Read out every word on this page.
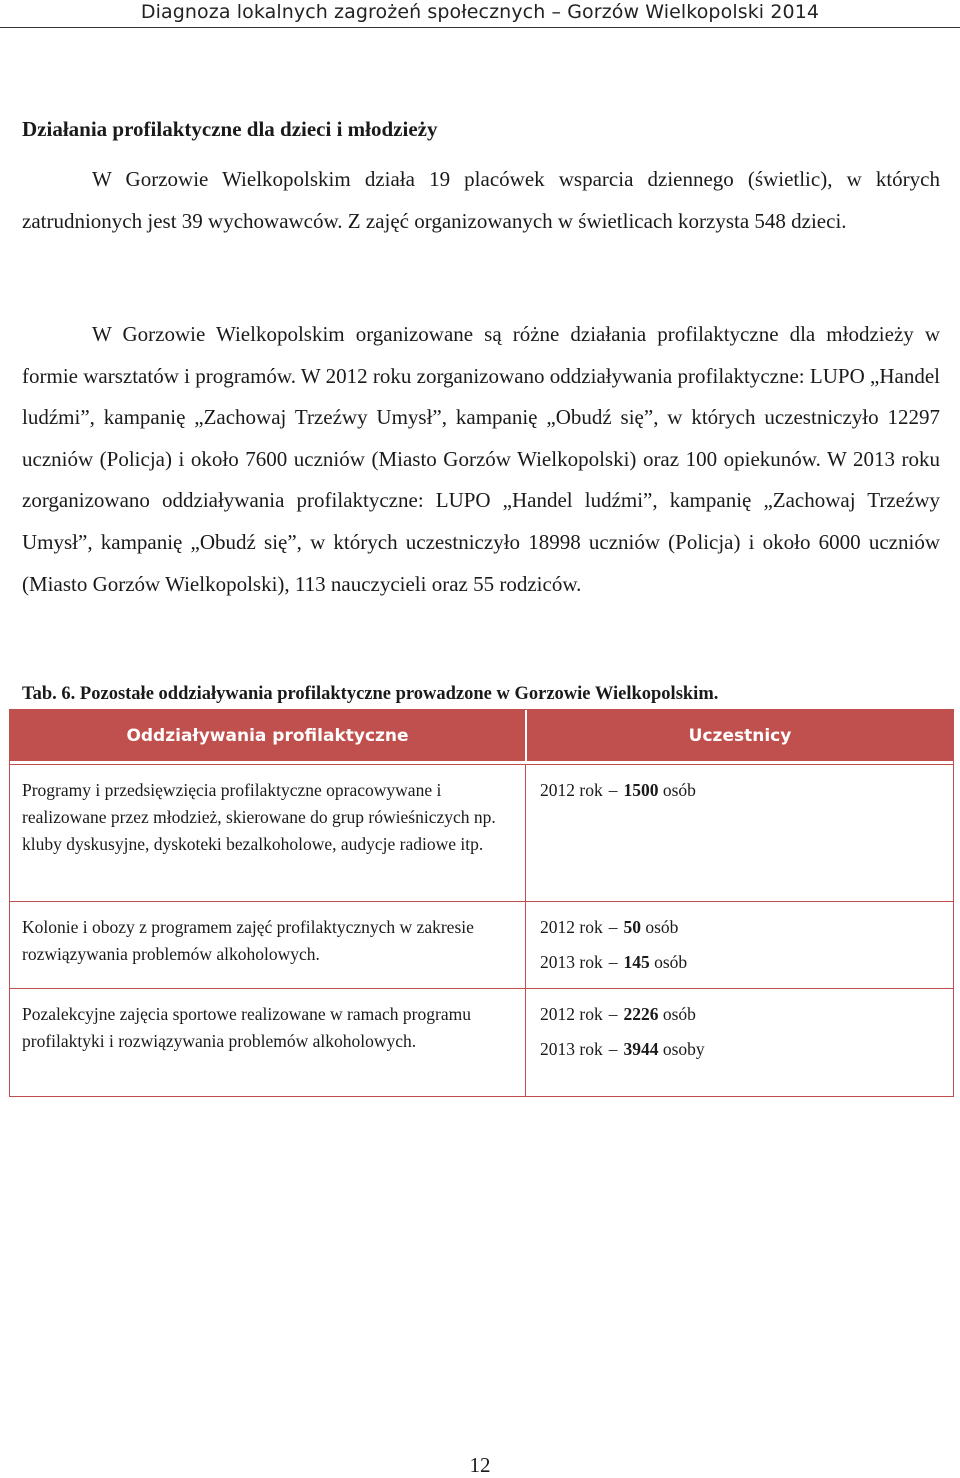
Diagnoza lokalnych zagrożeń społecznych – Gorzów Wielkopolski 2014
Działania profilaktyczne dla dzieci i młodzieży

W Gorzowie Wielkopolskim działa 19 placówek wsparcia dziennego (świetlic), w których zatrudnionych jest 39 wychowawców. Z zajęć organizowanych w świetlicach korzysta 548 dzieci.

W Gorzowie Wielkopolskim organizowane są różne działania profilaktyczne dla młodzieży w formie warsztatów i programów. W 2012 roku zorganizowano oddziaływania profilaktyczne: LUPO „Handel ludźmi”, kampanię „Zachowaj Trzeźwy Umysł”, kampanię „Obudź się”, w których uczestniczyło 12297 uczniów (Policja) i około 7600 uczniów (Miasto Gorzów Wielkopolski) oraz 100 opiekunów. W 2013 roku zorganizowano oddziaływania profilaktyczne: LUPO „Handel ludźmi”, kampanię „Zachowaj Trzeźwy Umysł”, kampanię „Obudź się”, w których uczestniczyło 18998 uczniów (Policja) i około 6000 uczniów (Miasto Gorzów Wielkopolski), 113 nauczycieli oraz 55 rodziców.

Tab. 6. Pozostałe oddziaływania profilaktyczne prowadzone w Gorzowie Wielkopolskim.

Oddziaływania profilaktyczne	Uczestnicy
Programy i przedsięwzięcia profilaktyczne opracowywane i realizowane przez młodzież, skierowane do grup rówieśniczych np. kluby dyskusyjne, dyskoteki bezalkoholowe, audycje radiowe itp.	2012 rok – 1500 osób

Kolonie i obozy z programem zajęć profilaktycznych w zakresie rozwiązywania problemów alkoholowych.	2012 rok – 50 osób

2013 rok – 145 osób

Pozalekcyjne zajęcia sportowe realizowane w ramach programu profilaktyki i rozwiązywania problemów alkoholowych.	2012 rok – 2226 osób

2013 rok – 3944 osoby

12
